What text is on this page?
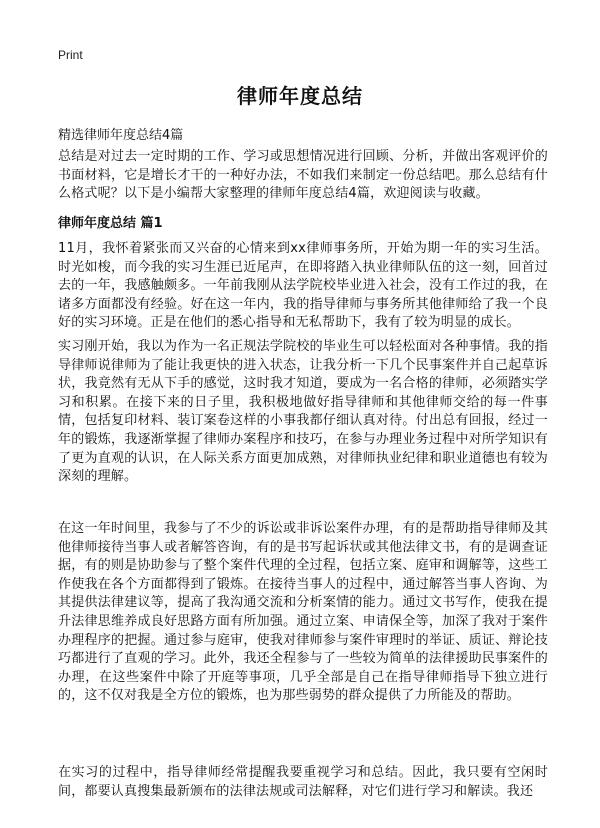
Print
律师年度总结

精选律师年度总结4篇

总结是对过去一定时期的工作、学习或思想情况进行回顾、分析，并做出客观评价的书面材料，它是增长才干的一种好办法，不如我们来制定一份总结吧。那么总结有什么格式呢？以下是小编帮大家整理的律师年度总结4篇，欢迎阅读与收藏。

律师年度总结 篇1

11月，我怀着紧张而又兴奋的心情来到xx律师事务所，开始为期一年的实习生活。时光如梭，而今我的实习生涯已近尾声，在即将踏入执业律师队伍的这一刻，回首过去的一年，我感触颇多。一年前我刚从法学院校毕业进入社会，没有工作过的我，在诸多方面都没有经验。好在这一年内，我的指导律师与事务所其他律师给了我一个良好的实习环境。正是在他们的悉心指导和无私帮助下，我有了较为明显的成长。

实习刚开始，我以为作为一名正规法学院校的毕业生可以轻松面对各种事情。我的指导律师说律师为了能让我更快的进入状态，让我分析一下几个民事案件并自己起草诉状，我竟然有无从下手的感觉，这时我才知道，要成为一名合格的律师，必须踏实学习和积累。在接下来的日子里，我积极地做好指导律师和其他律师交给的每一件事情，包括复印材料、装订案卷这样的小事我都仔细认真对待。付出总有回报，经过一年的锻炼，我逐渐掌握了律师办案程序和技巧，在参与办理业务过程中对所学知识有了更为直观的认识，在人际关系方面更加成熟，对律师执业纪律和职业道德也有较为深刻的理解。

在这一年时间里，我参与了不少的诉讼或非诉讼案件办理，有的是帮助指导律师及其他律师接待当事人或者解答咨询，有的是书写起诉状或其他法律文书，有的是调查证据，有的则是协助参与了整个案件代理的全过程，包括立案、庭审和调解等，这些工作使我在各个方面都得到了锻炼。在接待当事人的过程中，通过解答当事人咨询、为其提供法律建议等，提高了我沟通交流和分析案情的能力。通过文书写作，使我在提升法律思维养成良好思路方面有所加强。通过立案、申请保全等，加深了我对于案件办理程序的把握。通过参与庭审，使我对律师参与案件审理时的举证、质证、辩论技巧都进行了直观的学习。此外，我还全程参与了一些较为简单的法律援助民事案件的办理，在这些案件中除了开庭等事项，几乎全部是自己在指导律师指导下独立进行的，这不仅对我是全方位的锻炼，也为那些弱势的群众提供了力所能及的帮助。

在实习的过程中，指导律师经常提醒我要重视学习和总结。因此，我只要有空闲时间，都要认真搜集最新颁布的法律法规或司法解释，对它们进行学习和解读。我还
